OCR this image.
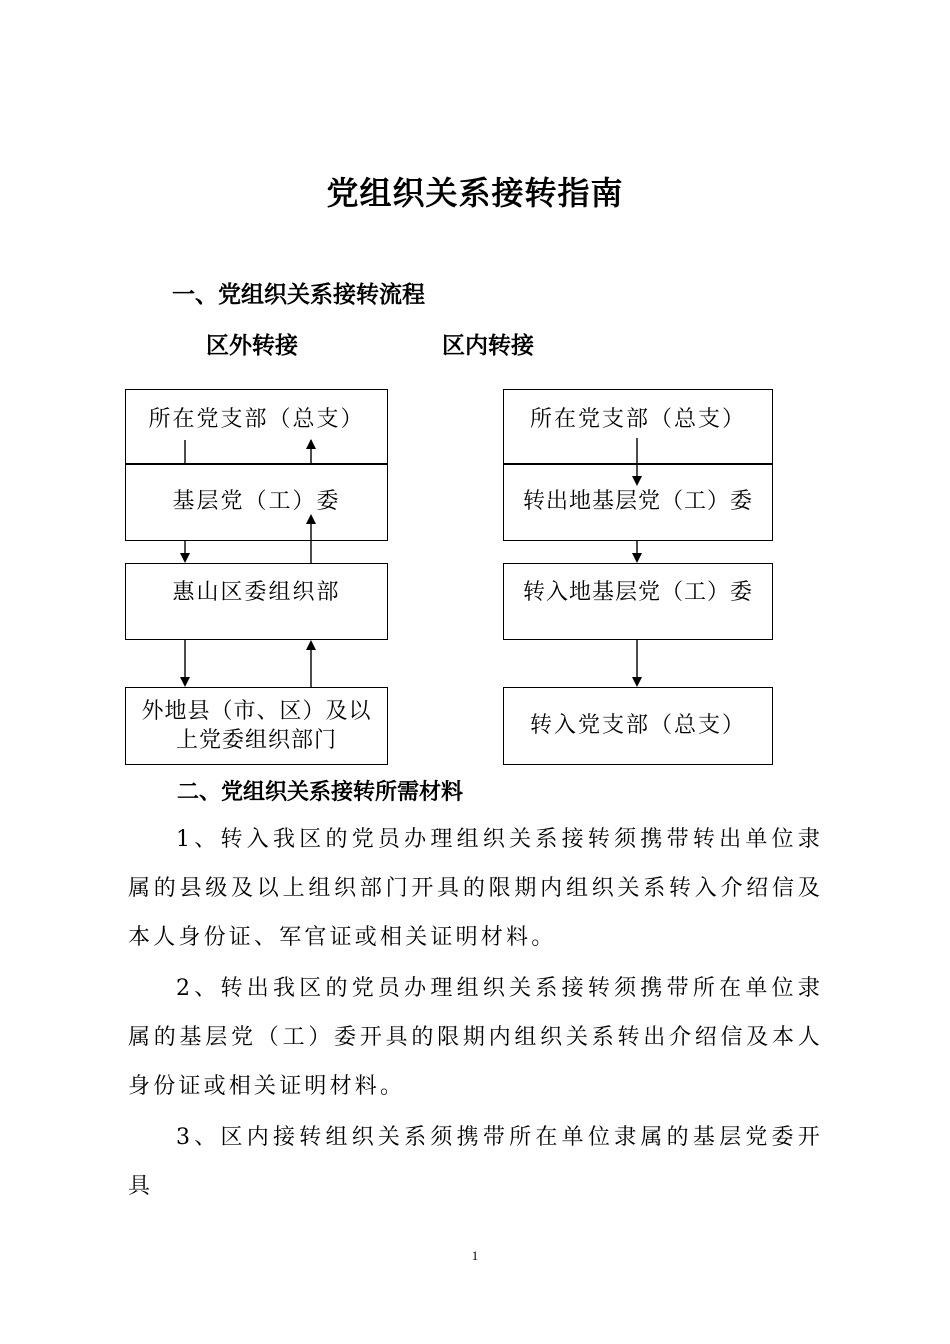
党组织关系接转指南
一、党组织关系接转流程
区外转接	区内转接
所在党支部（总支）
基层党（工）委
惠山区委组织部
外地县（市、区）及以
上党委组织部门
所在党支部（总支）
转出地基层党（工）委
转入地基层党（工）委
转入党支部（总支）
二、党组织关系接转所需材料
1、转入我区的党员办理组织关系接转须携带转出单位隶属的县级及以上组织部门开具的限期内组织关系转入介绍信及本人身份证、军官证或相关证明材料。
2、转出我区的党员办理组织关系接转须携带所在单位隶属的基层党（工）委开具的限期内组织关系转出介绍信及本人身份证或相关证明材料。
3、区内接转组织关系须携带所在单位隶属的基层党委开具
1
